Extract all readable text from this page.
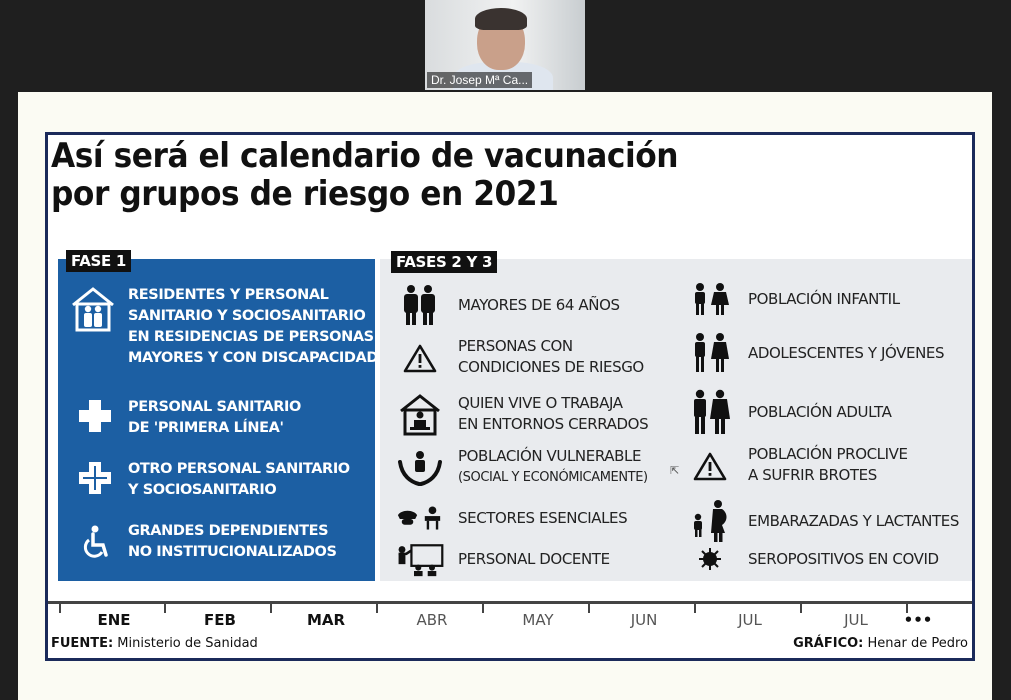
Dr. Josep Mª Ca...
Así será el calendario de vacunación
por grupos de riesgo en 2021
RESIDENTES Y PERSONAL
SANITARIO Y SOCIOSANITARIO
EN RESIDENCIAS DE PERSONAS
MAYORES Y CON DISCAPACIDAD
PERSONAL SANITARIO
DE 'PRIMERA LÍNEA'
OTRO PERSONAL SANITARIO
Y SOCIOSANITARIO
GRANDES DEPENDIENTES
NO INSTITUCIONALIZADOS
FASE 1
MAYORES DE 64 AÑOS
PERSONAS CON
CONDICIONES DE RIESGO
QUIEN VIVE O TRABAJA
EN ENTORNOS CERRADOS
POBLACIÓN VULNERABLE
(SOCIAL Y ECONÓMICAMENTE)
SECTORES ESENCIALES
PERSONAL DOCENTE
POBLACIÓN INFANTIL
ADOLESCENTES Y JÓVENES
POBLACIÓN ADULTA
POBLACIÓN PROCLIVE
A SUFRIR BROTES
EMBARAZADAS Y LACTANTES
SEROPOSITIVOS EN COVID
FASES 2 Y 3
ENE	FEB	MAR	ABR	MAY	JUN	JUL	JUL	•••
FUENTE: Ministerio de Sanidad	GRÁFICO: Henar de Pedro
⇱
